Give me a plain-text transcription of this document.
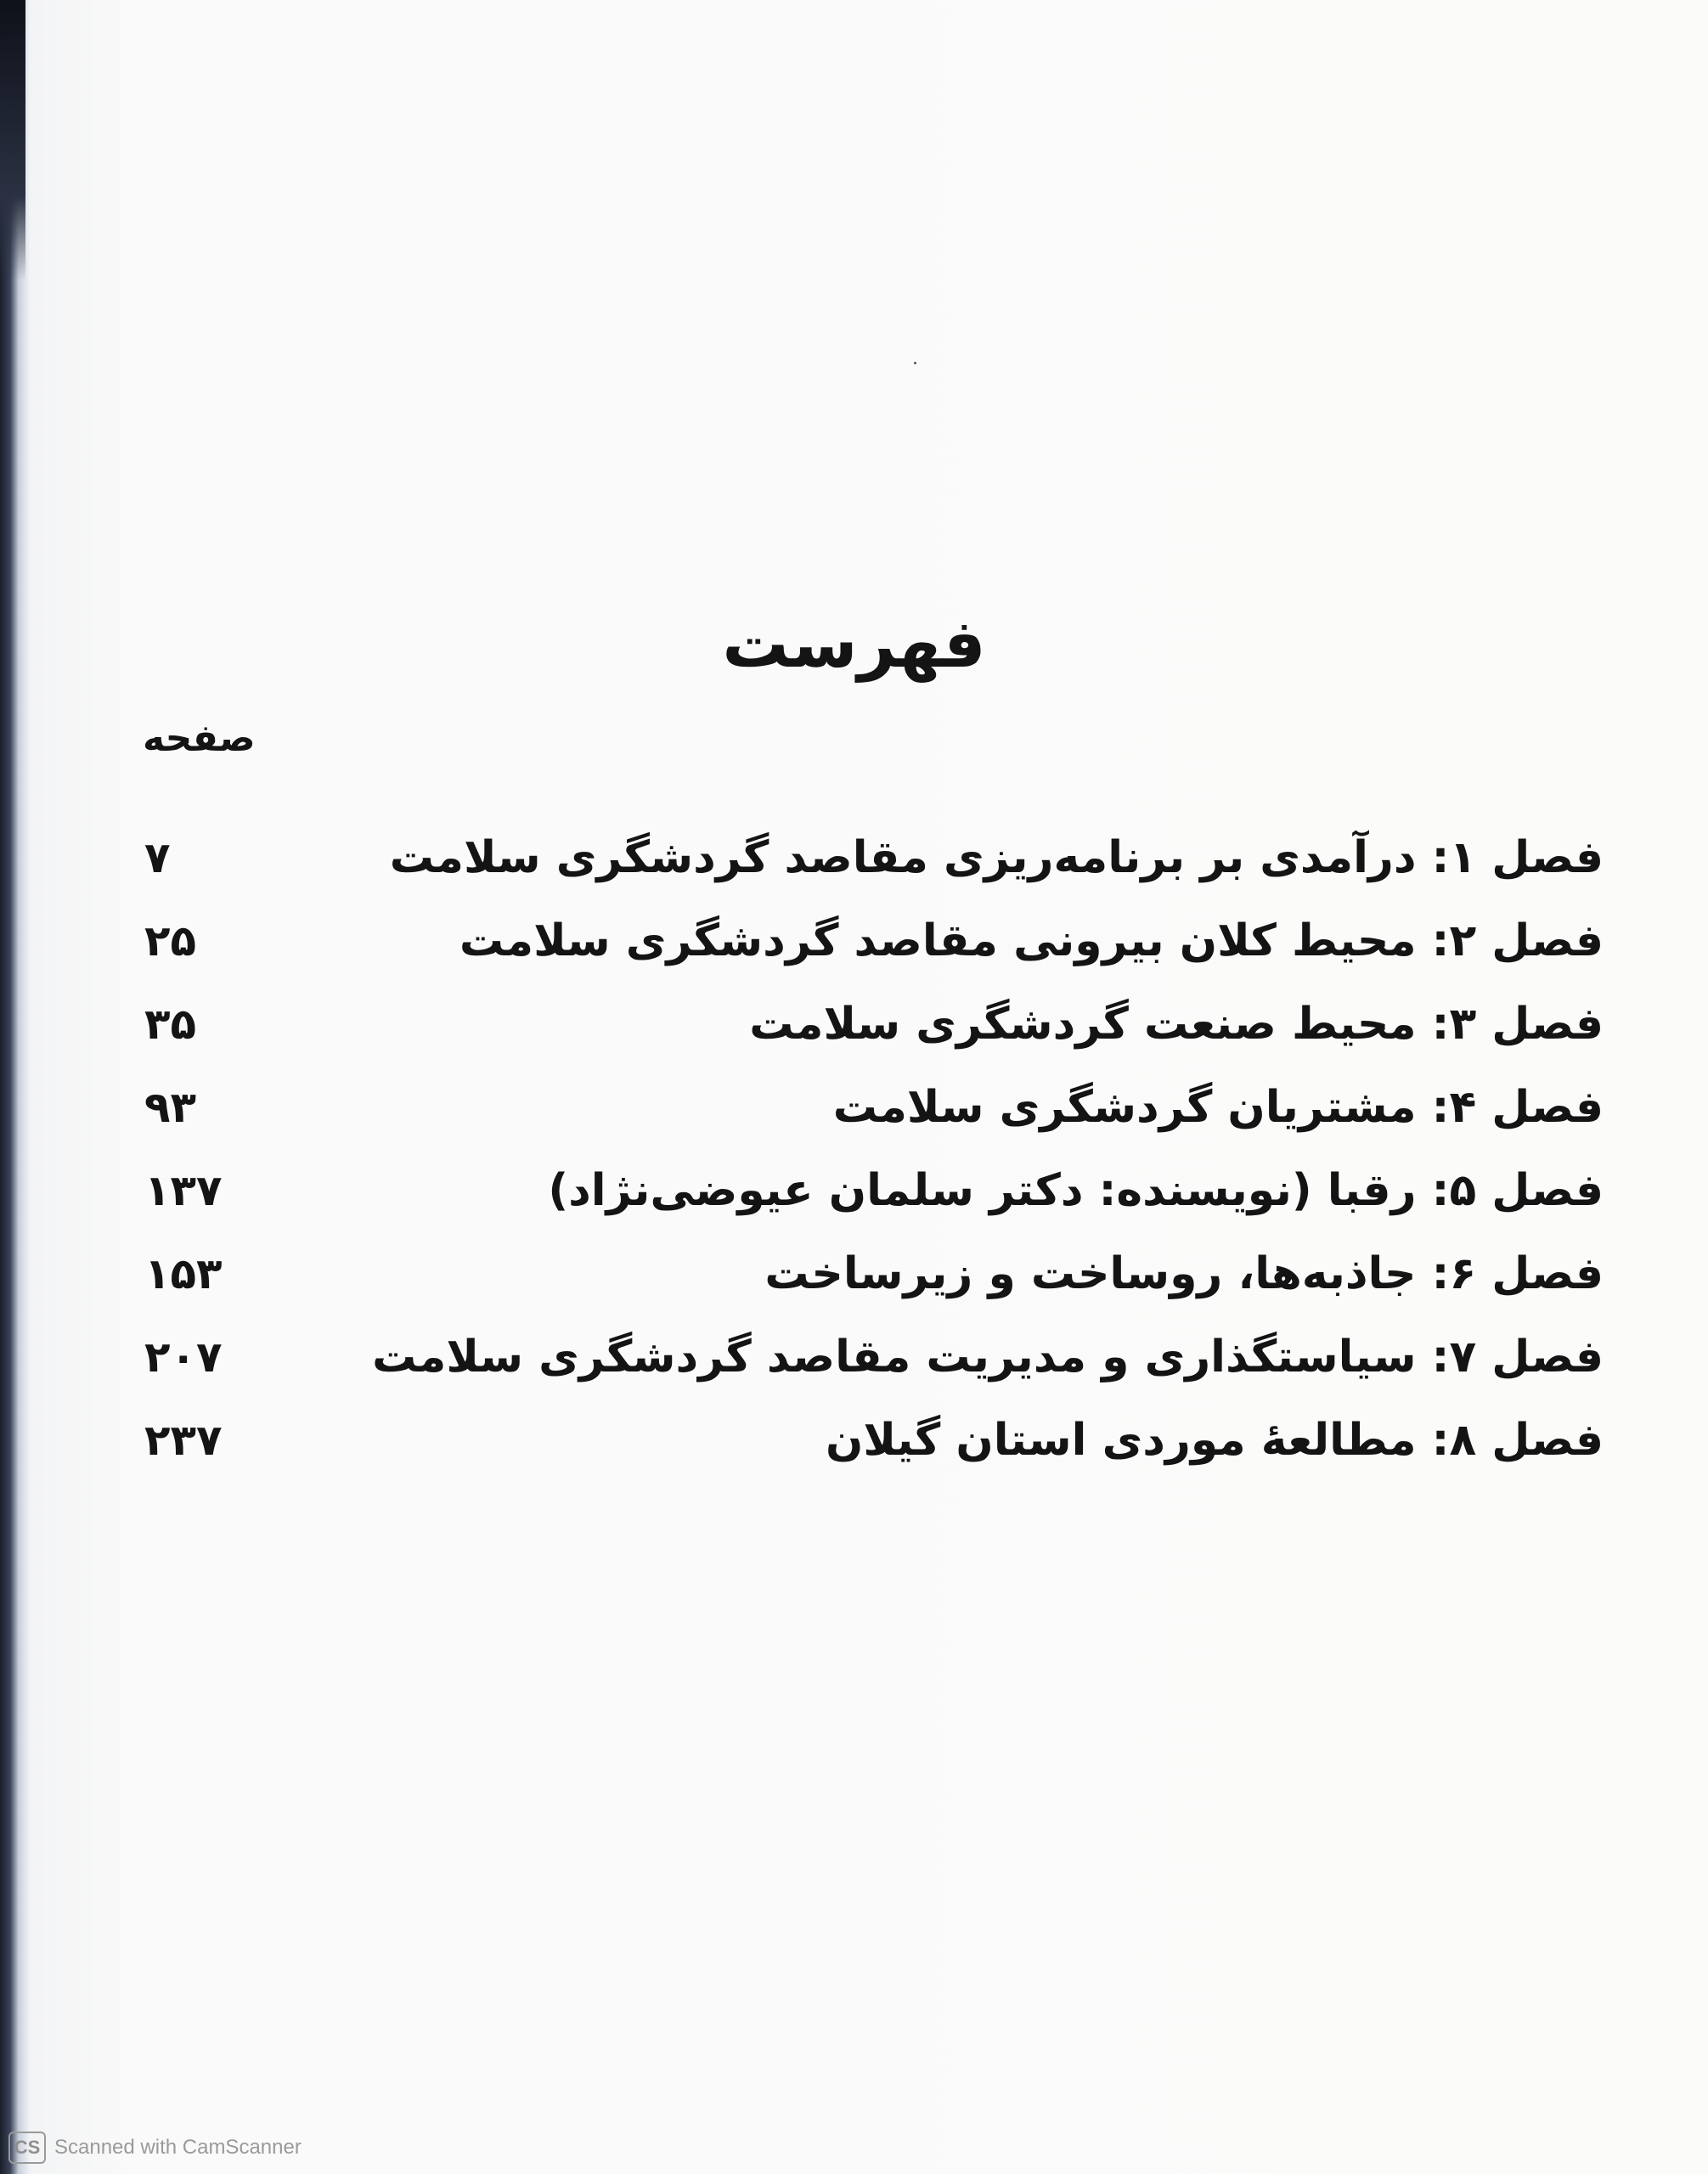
فهرست
صفحه
فصل ۱: درآمدی بر برنامه‌ریزی مقاصد گردشگری سلامت
۷
فصل ۲: محیط کلان بیرونی مقاصد گردشگری سلامت
۲۵
فصل ۳: محیط صنعت گردشگری سلامت
۳۵
فصل ۴: مشتریان گردشگری سلامت
۹۳
فصل ۵: رقبا (نویسنده: دکتر سلمان عیوضی‌نژاد)
۱۳۷
فصل ۶: جاذبه‌ها، روساخت و زیرساخت
۱۵۳
فصل ۷: سیاستگذاری و مدیریت مقاصد گردشگری سلامت
۲۰۷
فصل ۸: مطالعهٔ موردی استان گیلان
۲۳۷
CS Scanned with CamScanner
